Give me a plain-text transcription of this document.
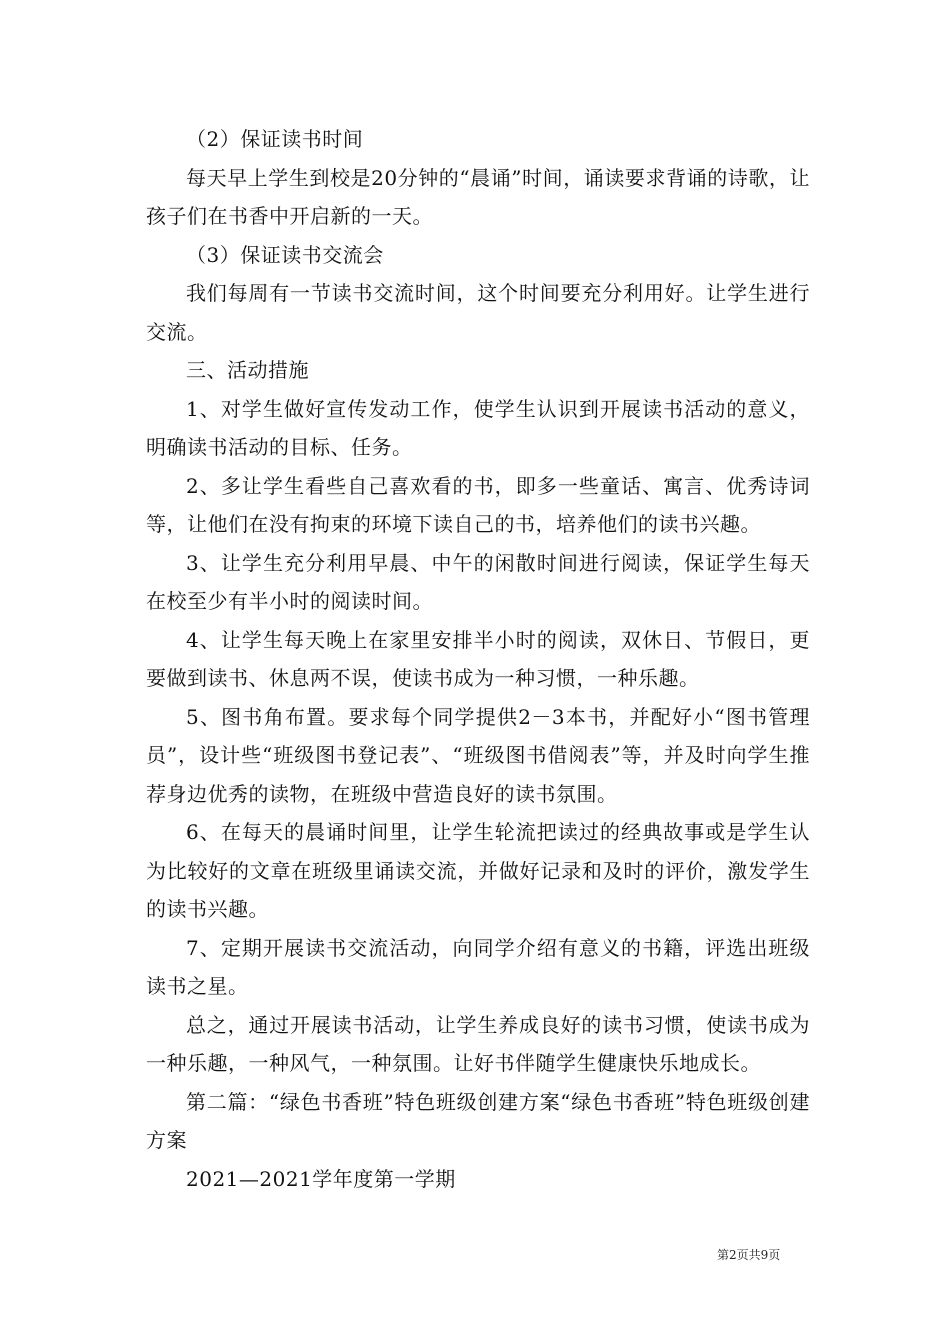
（2）保证读书时间

每天早上学生到校是20分钟的“晨诵”时间，诵读要求背诵的诗歌，让孩子们在书香中开启新的一天。

（3）保证读书交流会

我们每周有一节读书交流时间，这个时间要充分利用好。让学生进行交流。

三、活动措施

1、对学生做好宣传发动工作，使学生认识到开展读书活动的意义，明确读书活动的目标、任务。

2、多让学生看些自己喜欢看的书，即多一些童话、寓言、优秀诗词等，让他们在没有拘束的环境下读自己的书，培养他们的读书兴趣。

3、让学生充分利用早晨、中午的闲散时间进行阅读，保证学生每天在校至少有半小时的阅读时间。

4、让学生每天晚上在家里安排半小时的阅读，双休日、节假日，更要做到读书、休息两不误，使读书成为一种习惯，一种乐趣。

5、图书角布置。要求每个同学提供2－3本书，并配好小“图书管理员”，设计些“班级图书登记表”、“班级图书借阅表”等，并及时向学生推荐身边优秀的读物，在班级中营造良好的读书氛围。

6、在每天的晨诵时间里，让学生轮流把读过的经典故事或是学生认为比较好的文章在班级里诵读交流，并做好记录和及时的评价，激发学生的读书兴趣。

7、定期开展读书交流活动，向同学介绍有意义的书籍，评选出班级读书之星。

总之，通过开展读书活动，让学生养成良好的读书习惯，使读书成为一种乐趣，一种风气，一种氛围。让好书伴随学生健康快乐地成长。

第二篇：“绿色书香班”特色班级创建方案“绿色书香班”特色班级创建方案

2021—2021学年度第一学期

第2页共9页
